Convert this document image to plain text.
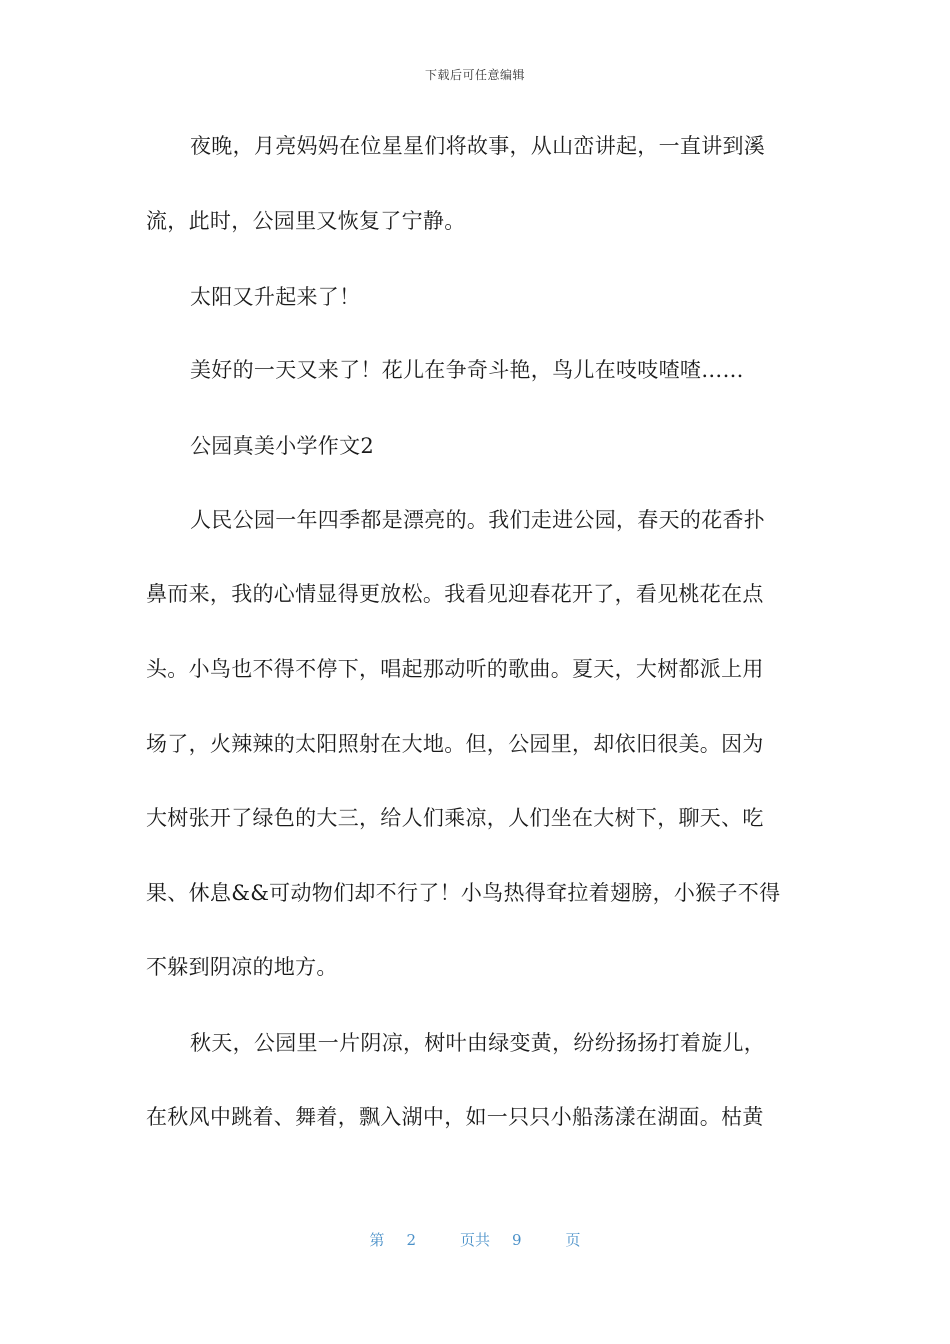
下载后可任意编辑
夜晚，月亮妈妈在位星星们将故事，从山峦讲起，一直讲到溪
流，此时，公园里又恢复了宁静。
太阳又升起来了！
美好的一天又来了！花儿在争奇斗艳，鸟儿在吱吱喳喳……
公园真美小学作文2
人民公园一年四季都是漂亮的。我们走进公园，春天的花香扑
鼻而来，我的心情显得更放松。我看见迎春花开了，看见桃花在点
头。小鸟也不得不停下，唱起那动听的歌曲。夏天，大树都派上用
场了，火辣辣的太阳照射在大地。但，公园里，却依旧很美。因为
大树张开了绿色的大三，给人们乘凉，人们坐在大树下，聊天、吃
果、休息&&可动物们却不行了！小鸟热得耷拉着翅膀，小猴子不得
不躲到阴凉的地方。
秋天，公园里一片阴凉，树叶由绿变黄，纷纷扬扬打着旋儿，
在秋风中跳着、舞着，飘入湖中，如一只只小船荡漾在湖面。枯黄
第 2	页共 9	页
